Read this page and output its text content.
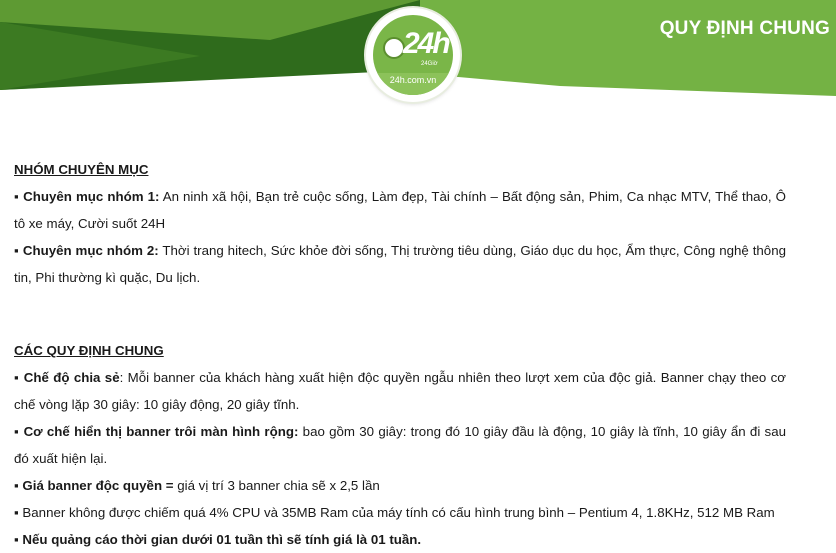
QUY ĐỊNH CHUNG
24h
24Giờ
24h.com.vn

NHÓM CHUYÊN MỤC

▪ Chuyên mục nhóm 1: An ninh xã hội, Bạn trẻ cuộc sống, Làm đẹp, Tài chính – Bất động sản, Phim, Ca nhạc MTV, Thể thao, Ô tô xe máy, Cười suốt 24H

▪ Chuyên mục nhóm 2: Thời trang hitech, Sức khỏe đời sống, Thị trường tiêu dùng, Giáo dục du học, Ẩm thực, Công nghệ thông tin, Phi thường kì quặc, Du lịch.

CÁC QUY ĐỊNH CHUNG

▪ Chế độ chia sẻ: Mỗi banner của khách hàng xuất hiện độc quyền ngẫu nhiên theo lượt xem của độc giả. Banner chạy theo cơ chế vòng lặp 30 giây: 10 giây động, 20 giây tĩnh.

▪ Cơ chế hiển thị banner trôi màn hình rộng: bao gồm 30 giây: trong đó 10 giây đầu là động, 10 giây là tĩnh, 10 giây ẩn đi sau đó xuất hiện lại.

▪ Giá banner độc quyền = giá vị trí 3 banner chia sẽ x 2,5 lần

▪ Banner không được chiếm quá 4% CPU và 35MB Ram của máy tính có cấu hình trung bình – Pentium 4, 1.8KHz, 512 MB Ram

▪ Nếu quảng cáo thời gian dưới 01 tuần thì sẽ tính giá là 01 tuần.
